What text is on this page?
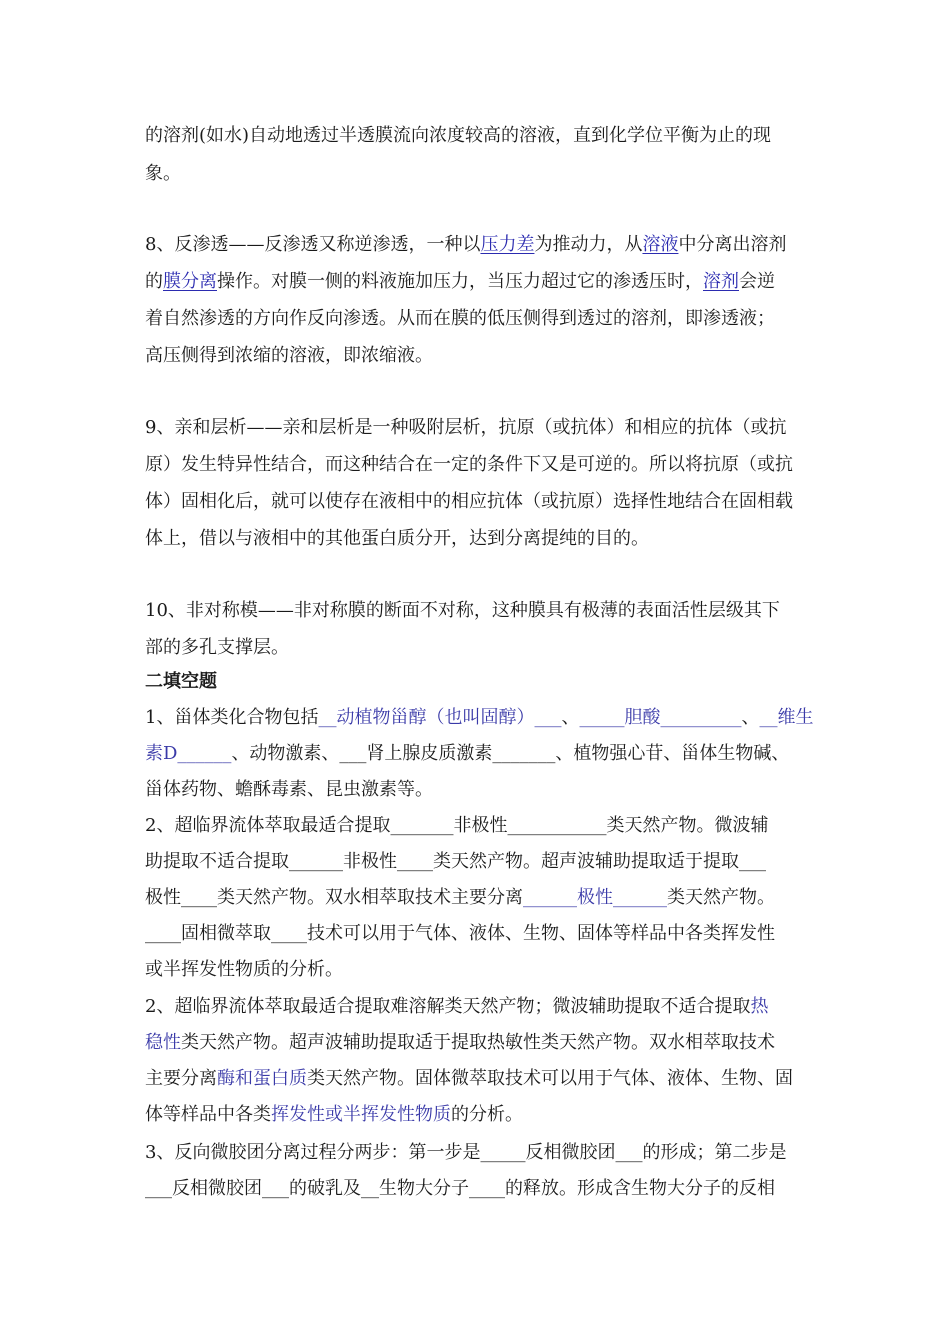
的溶剂(如水)自动地透过半透膜流向浓度较高的溶液，直到化学位平衡为止的现
象。
8、反渗透——反渗透又称逆渗透，一种以压力差为推动力，从溶液中分离出溶剂
的膜分离操作。对膜一侧的料液施加压力，当压力超过它的渗透压时，溶剂会逆
着自然渗透的方向作反向渗透。从而在膜的低压侧得到透过的溶剂，即渗透液；
高压侧得到浓缩的溶液，即浓缩液。
9、亲和层析——亲和层析是一种吸附层析，抗原（或抗体）和相应的抗体（或抗
原）发生特异性结合，而这种结合在一定的条件下又是可逆的。所以将抗原（或抗
体）固相化后，就可以使存在液相中的相应抗体（或抗原）选择性地结合在固相载
体上，借以与液相中的其他蛋白质分开，达到分离提纯的目的。
10、非对称模——非对称膜的断面不对称，这种膜具有极薄的表面活性层级其下
部的多孔支撑层。
二填空题
1、甾体类化合物包括__动植物甾醇（也叫固醇）___、_____胆酸_________、__维生
素D______、动物激素、___肾上腺皮质激素_______、植物强心苷、甾体生物碱、
甾体药物、蟾酥毒素、昆虫激素等。
2、超临界流体萃取最适合提取_______非极性___________类天然产物。微波辅
助提取不适合提取______非极性____类天然产物。超声波辅助提取适于提取___
极性____类天然产物。双水相萃取技术主要分离______极性______类天然产物。
____固相微萃取____技术可以用于气体、液体、生物、固体等样品中各类挥发性
或半挥发性物质的分析。
2、超临界流体萃取最适合提取难溶解类天然产物；微波辅助提取不适合提取热
稳性类天然产物。超声波辅助提取适于提取热敏性类天然产物。双水相萃取技术
主要分离酶和蛋白质类天然产物。固体微萃取技术可以用于气体、液体、生物、固
体等样品中各类挥发性或半挥发性物质的分析。
3、反向微胶团分离过程分两步：第一步是_____反相微胶团___的形成；第二步是
___反相微胶团___的破乳及__生物大分子____的释放。形成含生物大分子的反相
